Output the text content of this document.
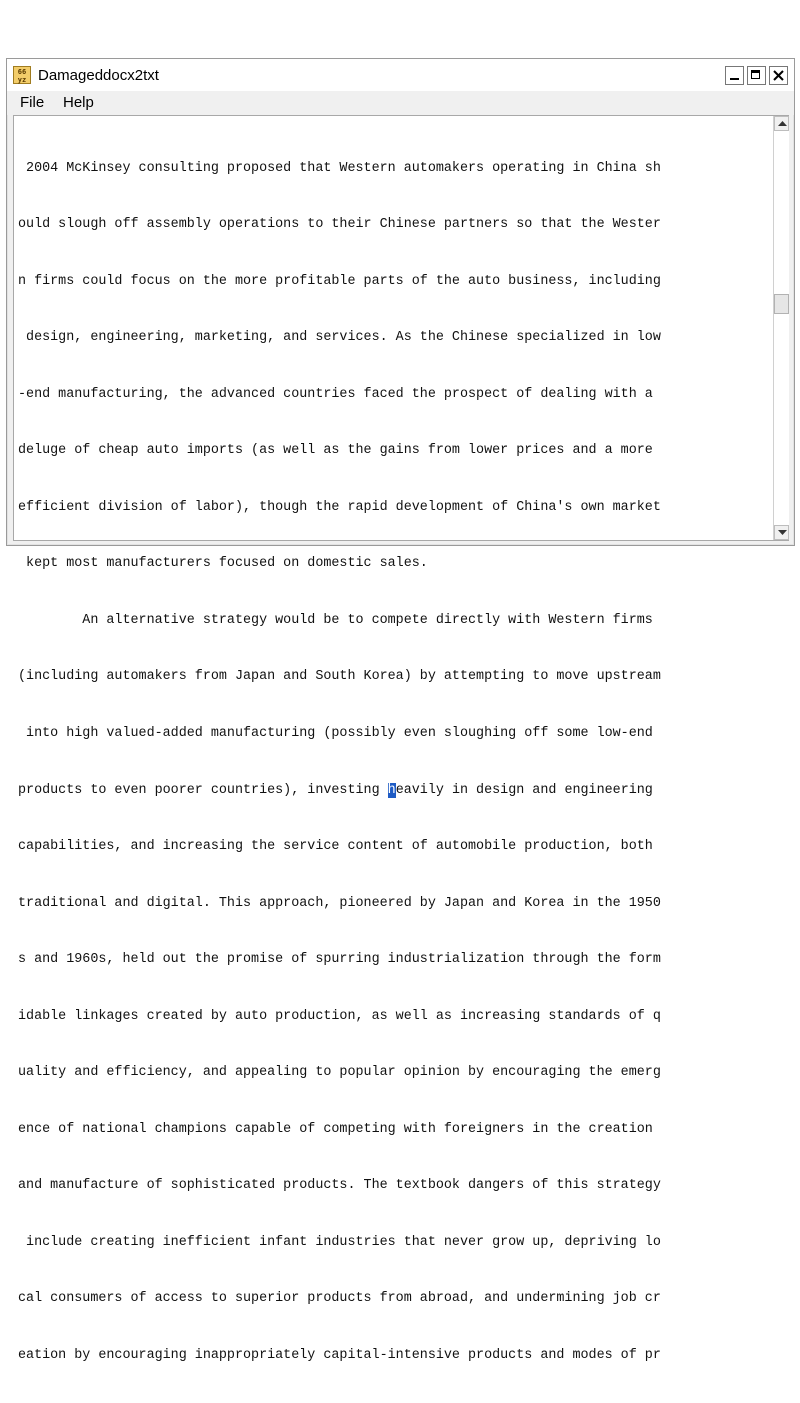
66
yz Damageddocx2txt
File Help

2004 McKinsey consulting proposed that Western automakers operating in China sh

ould slough off assembly operations to their Chinese partners so that the Wester

n firms could focus on the more profitable parts of the auto business, including

design, engineering, marketing, and services. As the Chinese specialized in low

-end manufacturing, the advanced countries faced the prospect of dealing with a

deluge of cheap auto imports (as well as the gains from lower prices and a more

efficient division of labor), though the rapid development of China's own market

kept most manufacturers focused on domestic sales.

An alternative strategy would be to compete directly with Western firms

(including automakers from Japan and South Korea) by attempting to move upstream

into high valued-added manufacturing (possibly even sloughing off some low-end

products to even poorer countries), investing heavily in design and engineering

capabilities, and increasing the service content of automobile production, both

traditional and digital. This approach, pioneered by Japan and Korea in the 1950

s and 1960s, held out the promise of spurring industrialization through the form

idable linkages created by auto production, as well as increasing standards of q

uality and efficiency, and appealing to popular opinion by encouraging the emerg

ence of national champions capable of competing with foreigners in the creation

and manufacture of sophisticated products. The textbook dangers of this strategy

include creating inefficient infant industries that never grow up, depriving lo

cal consumers of access to superior products from abroad, and undermining job cr

eation by encouraging inappropriately capital-intensive products and modes of pr
